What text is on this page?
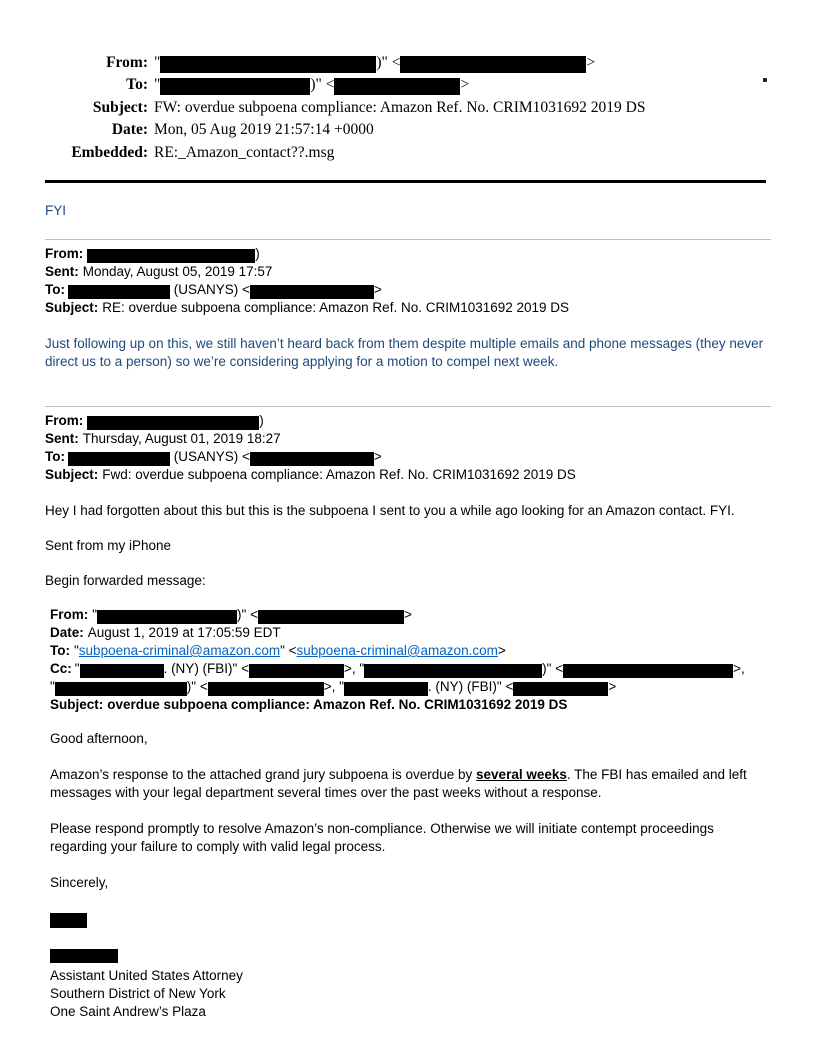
From: "	)" <	>
To: "	)" <	>
Subject: FW: overdue subpoena compliance: Amazon Ref. No. CRIM1031692 2019 DS
Date: Mon, 05 Aug 2019 21:57:14 +0000
Embedded: RE:_Amazon_contact??.msg
FYI
From:	)
Sent: Monday, August 05, 2019 17:57
To:	(USANYS) <	>
Subject: RE: overdue subpoena compliance: Amazon Ref. No. CRIM1031692 2019 DS
Just following up on this, we still haven’t heard back from them despite multiple emails and phone messages (they never direct us to a person) so we’re considering applying for a motion to compel next week.
From:	)
Sent: Thursday, August 01, 2019 18:27
To:	(USANYS) <	>
Subject: Fwd: overdue subpoena compliance: Amazon Ref. No. CRIM1031692 2019 DS
Hey I had forgotten about this but this is the subpoena I sent to you a while ago looking for an Amazon contact. FYI.
Sent from my iPhone
Begin forwarded message:
From: "	)" <	>
Date: August 1, 2019 at 17:05:59 EDT
To: "subpoena-criminal@amazon.com" <subpoena-criminal@amazon.com>
Cc: "	. (NY) (FBI)" <	>, "	)" <	>,
"	)" <	>, "	. (NY) (FBI)" <	>
Subject: overdue subpoena compliance: Amazon Ref. No. CRIM1031692 2019 DS
Good afternoon,
Amazon’s response to the attached grand jury subpoena is overdue by several weeks. The FBI has emailed and left messages with your legal department several times over the past weeks without a response.
Please respond promptly to resolve Amazon’s non-compliance. Otherwise we will initiate contempt proceedings regarding your failure to comply with valid legal process.
Sincerely,
Assistant United States Attorney
Southern District of New York
One Saint Andrew’s Plaza
